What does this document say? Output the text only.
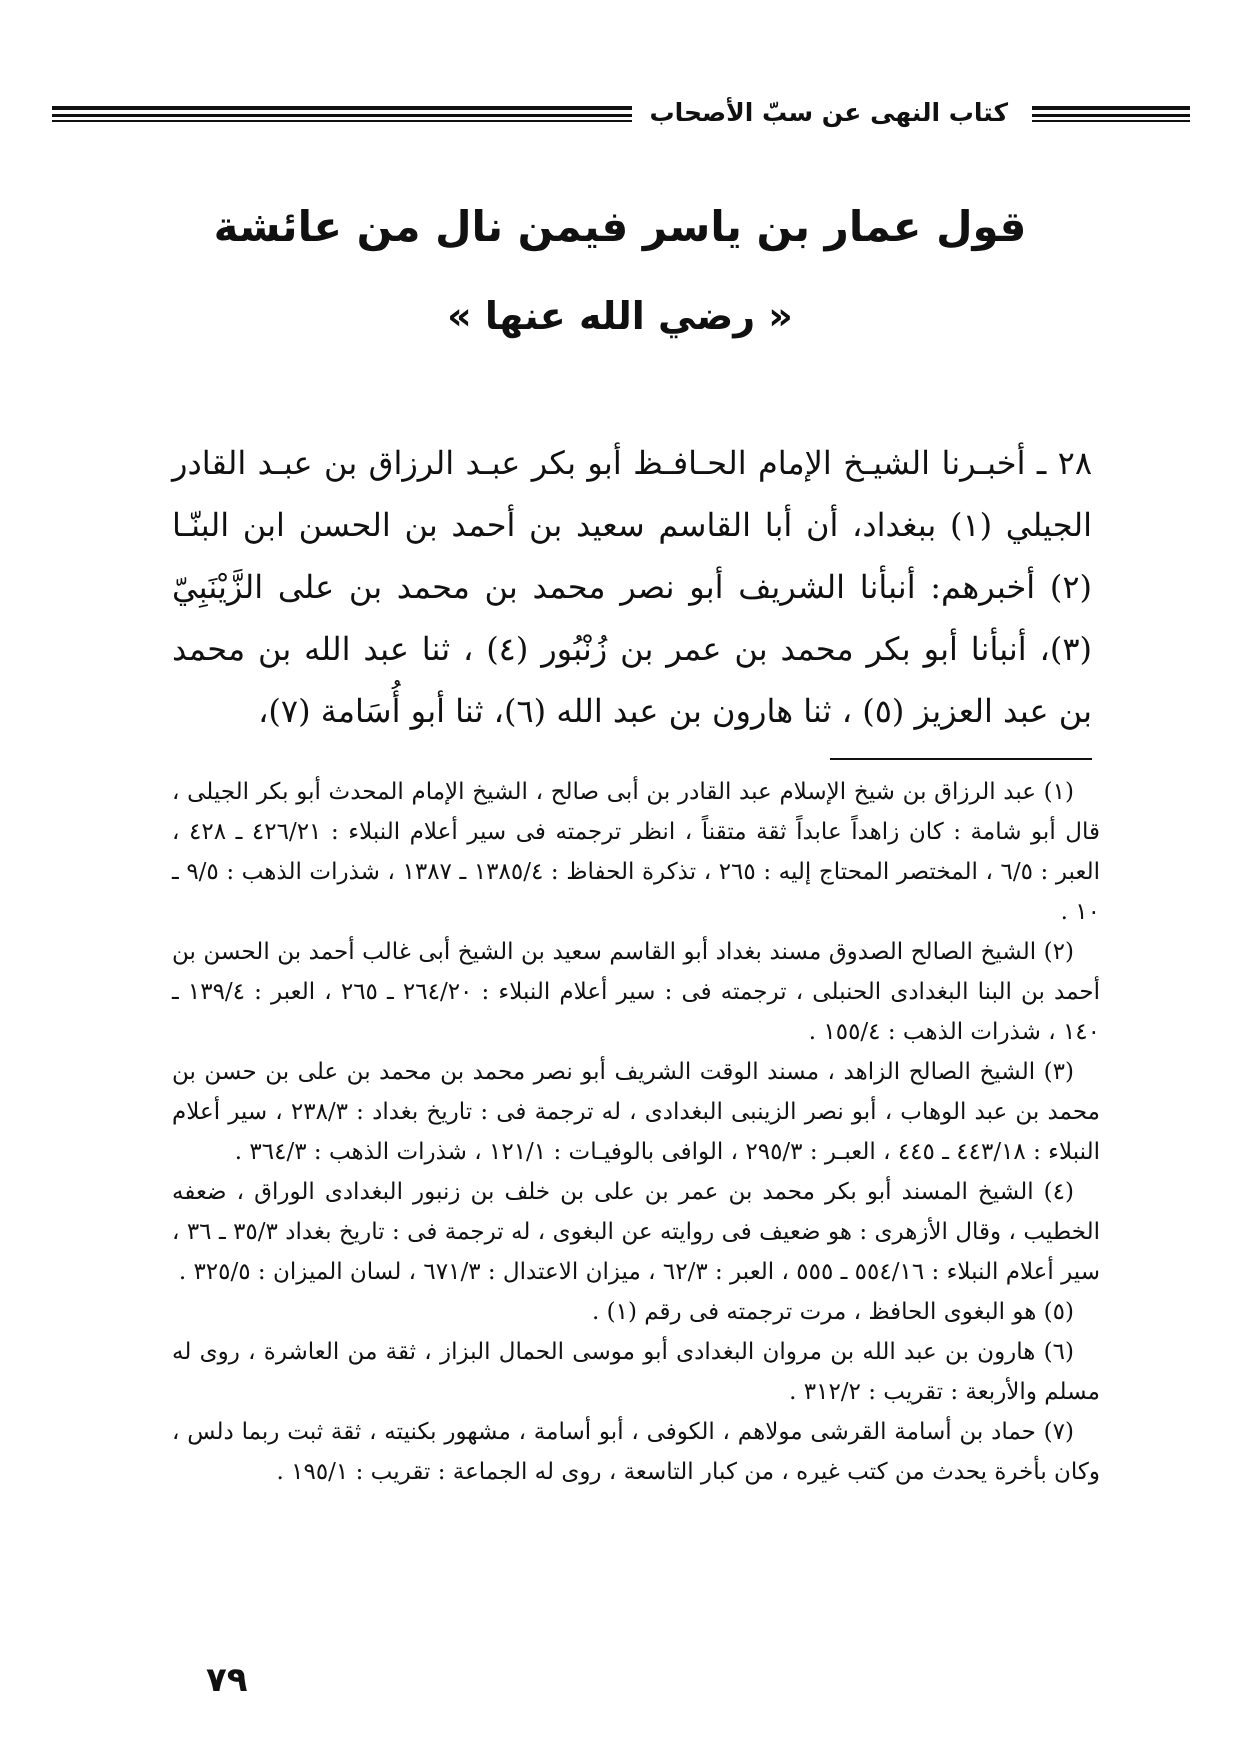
كتاب النهى عن سبّ الأصحاب
قول عمار بن ياسر فيمن نال من عائشة
« رضي الله عنها »

٢٨ ـ أخبـرنا الشيـخ الإمام الحـافـظ أبو بكر عبـد الرزاق بن عبـد القادر الجيلي (١) ببغداد، أن أبا القاسم سعيد بن أحمد بن الحسن ابن البنّـا (٢) أخبرهم: أنبأنا الشريف أبو نصر محمد بن محمد بن على الزَّيْنَبِيّ (٣)، أنبأنا أبو بكر محمد بن عمر بن زُنْبُور (٤) ، ثنا عبد الله بن محمد بن عبد العزيز (٥) ، ثنا هارون بن عبد الله (٦)، ثنا أبو أُسَامة (٧)،

(١) عبد الرزاق بن شيخ الإسلام عبد القادر بن أبى صالح ، الشيخ الإمام المحدث أبو بكر الجيلى ، قال أبو شامة : كان زاهداً عابداً ثقة متقناً ، انظر ترجمته فى سير أعلام النبلاء : ٤٢٦/٢١ ـ ٤٢٨ ، العبر : ٦/٥ ، المختصر المحتاج إليه : ٢٦٥ ، تذكرة الحفاظ : ١٣٨٥/٤ ـ ١٣٨٧ ، شذرات الذهب : ٩/٥ ـ ١٠ .

(٢) الشيخ الصالح الصدوق مسند بغداد أبو القاسم سعيد بن الشيخ أبى غالب أحمد بن الحسن بن أحمد بن البنا البغدادى الحنبلى ، ترجمته فى : سير أعلام النبلاء : ٢٦٤/٢٠ ـ ٢٦٥ ، العبر : ١٣٩/٤ ـ ١٤٠ ، شذرات الذهب : ١٥٥/٤ .

(٣) الشيخ الصالح الزاهد ، مسند الوقت الشريف أبو نصر محمد بن محمد بن على بن حسن بن محمد بن عبد الوهاب ، أبو نصر الزينبى البغدادى ، له ترجمة فى : تاريخ بغداد : ٢٣٨/٣ ، سير أعلام النبلاء : ٤٤٣/١٨ ـ ٤٤٥ ، العبـر : ٢٩٥/٣ ، الوافى بالوفيـات : ١٢١/١ ، شذرات الذهب : ٣٦٤/٣ .

(٤) الشيخ المسند أبو بكر محمد بن عمر بن على بن خلف بن زنبور البغدادى الوراق ، ضعفه الخطيب ، وقال الأزهرى : هو ضعيف فى روايته عن البغوى ، له ترجمة فى : تاريخ بغداد ٣٥/٣ ـ ٣٦ ، سير أعلام النبلاء : ٥٥٤/١٦ ـ ٥٥٥ ، العبر : ٦٢/٣ ، ميزان الاعتدال : ٦٧١/٣ ، لسان الميزان : ٣٢٥/٥ .

(٥) هو البغوى الحافظ ، مرت ترجمته فى رقم (١) .

(٦) هارون بن عبد الله بن مروان البغدادى أبو موسى الحمال البزاز ، ثقة من العاشرة ، روى له مسلم والأربعة : تقريب : ٣١٢/٢ .

(٧) حماد بن أسامة القرشى مولاهم ، الكوفى ، أبو أسامة ، مشهور بكنيته ، ثقة ثبت ربما دلس ، وكان بأخرة يحدث من كتب غيره ، من كبار التاسعة ، روى له الجماعة : تقريب : ١٩٥/١ .

٧٩
